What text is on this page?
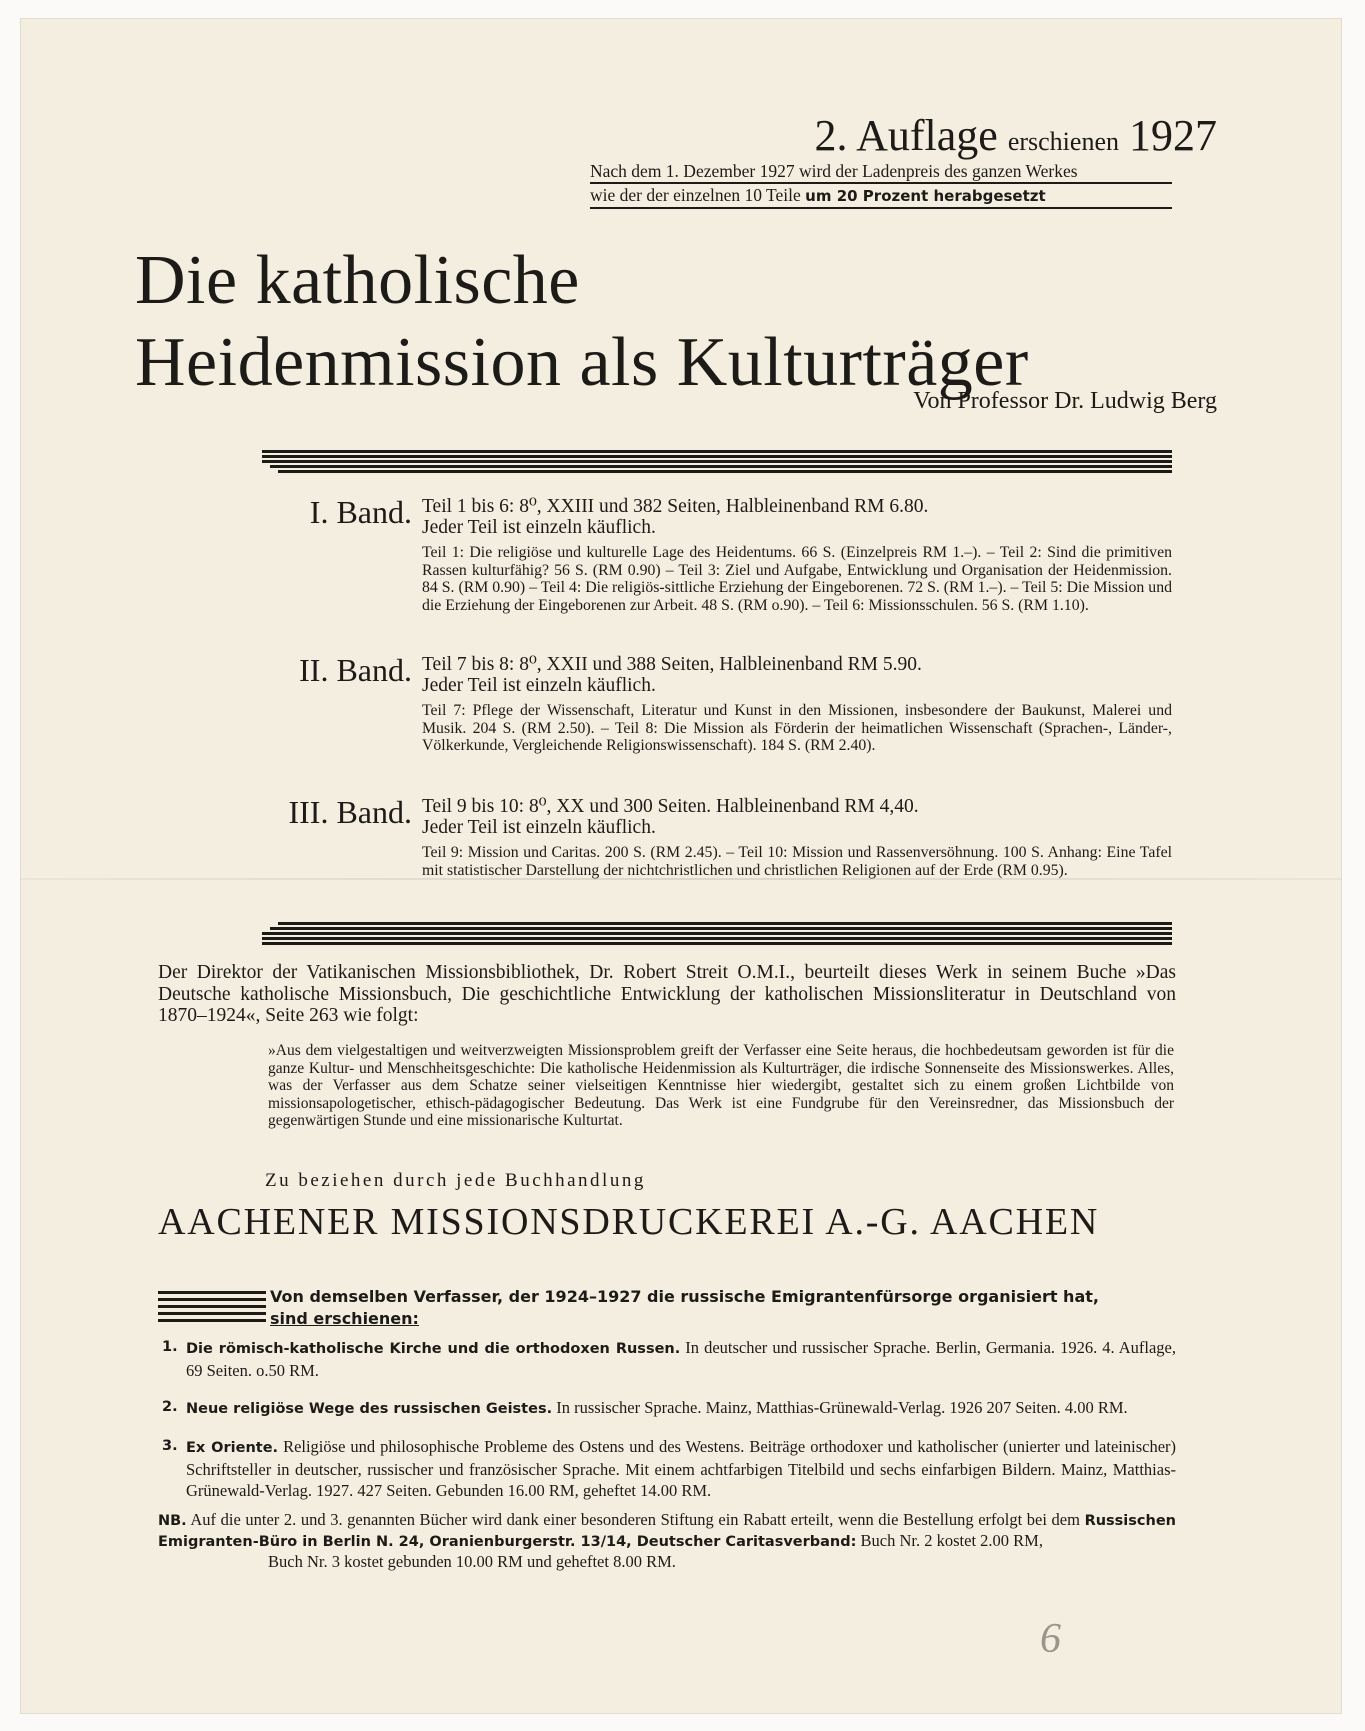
2. Auflage erschienen 1927
Nach dem 1. Dezember 1927 wird der Ladenpreis des ganzen Werkes
wie der der einzelnen 10 Teile um 20 Prozent herabgesetzt
Die katholische
Heidenmission als Kulturträger
Von Professor Dr. Ludwig Berg
I. Band. Teil 1 bis 6: 8⁰, XXIII und 382 Seiten, Halbleinenband RM 6.80.
Jeder Teil ist einzeln käuflich.
Teil 1: Die religiöse und kulturelle Lage des Heidentums. 66 S. (Einzelpreis RM 1.–). – Teil 2: Sind die primitiven Rassen kulturfähig? 56 S. (RM 0.90) – Teil 3: Ziel und Aufgabe, Entwicklung und Organisation der Heidenmission. 84 S. (RM 0.90) – Teil 4: Die religiös-sittliche Erziehung der Eingeborenen. 72 S. (RM 1.–). – Teil 5: Die Mission und die Erziehung der Eingeborenen zur Arbeit. 48 S. (RM o.90). – Teil 6: Missionsschulen. 56 S. (RM 1.10).
II. Band. Teil 7 bis 8: 8⁰, XXII und 388 Seiten, Halbleinenband RM 5.90.
Jeder Teil ist einzeln käuflich.
Teil 7: Pflege der Wissenschaft, Literatur und Kunst in den Missionen, insbesondere der Baukunst, Malerei und Musik. 204 S. (RM 2.50). – Teil 8: Die Mission als Förderin der heimatlichen Wissenschaft (Sprachen-, Länder-, Völkerkunde, Vergleichende Religionswissenschaft). 184 S. (RM 2.40).
III. Band. Teil 9 bis 10: 8⁰, XX und 300 Seiten. Halbleinenband RM 4,40.
Jeder Teil ist einzeln käuflich.
Teil 9: Mission und Caritas. 200 S. (RM 2.45). – Teil 10: Mission und Rassenversöhnung. 100 S. Anhang: Eine Tafel mit statistischer Darstellung der nichtchristlichen und christlichen Religionen auf der Erde (RM 0.95).
Der Direktor der Vatikanischen Missionsbibliothek, Dr. Robert Streit O.M.I., beurteilt dieses Werk in seinem Buche »Das Deutsche katholische Missionsbuch, Die geschichtliche Entwicklung der katholischen Missionsliteratur in Deutschland von 1870–1924«, Seite 263 wie folgt:
»Aus dem vielgestaltigen und weitverzweigten Missionsproblem greift der Verfasser eine Seite heraus, die hochbedeutsam geworden ist für die ganze Kultur- und Menschheitsgeschichte: Die katholische Heidenmission als Kulturträger, die irdische Sonnenseite des Missionswerkes. Alles, was der Verfasser aus dem Schatze seiner vielseitigen Kenntnisse hier wiedergibt, gestaltet sich zu einem großen Lichtbilde von missionsapologetischer, ethisch-pädagogischer Bedeutung. Das Werk ist eine Fundgrube für den Vereinsredner, das Missionsbuch der gegenwärtigen Stunde und eine missionarische Kulturtat.
Zu beziehen durch jede Buchhandlung
AACHENER MISSIONSDRUCKEREI A.-G. AACHEN
Von demselben Verfasser, der 1924–1927 die russische Emigrantenfürsorge organisiert hat,
sind erschienen:
1. Die römisch-katholische Kirche und die orthodoxen Russen. In deutscher und russischer Sprache. Berlin, Germania. 1926. 4. Auflage, 69 Seiten. o.50 RM.
2. Neue religiöse Wege des russischen Geistes. In russischer Sprache. Mainz, Matthias-Grünewald-Verlag. 1926 207 Seiten. 4.00 RM.
3. Ex Oriente. Religiöse und philosophische Probleme des Ostens und des Westens. Beiträge orthodoxer und katholischer (unierter und lateinischer) Schriftsteller in deutscher, russischer und französischer Sprache. Mit einem achtfarbigen Titelbild und sechs einfarbigen Bildern. Mainz, Matthias-Grünewald-Verlag. 1927. 427 Seiten. Gebunden 16.00 RM, geheftet 14.00 RM.
NB. Auf die unter 2. und 3. genannten Bücher wird dank einer besonderen Stiftung ein Rabatt erteilt, wenn die Bestellung erfolgt bei dem Russischen Emigranten-Büro in Berlin N. 24, Oranienburgerstr. 13/14, Deutscher Caritasverband: Buch Nr. 2 kostet 2.00 RM,
Buch Nr. 3 kostet gebunden 10.00 RM und geheftet 8.00 RM.
6
